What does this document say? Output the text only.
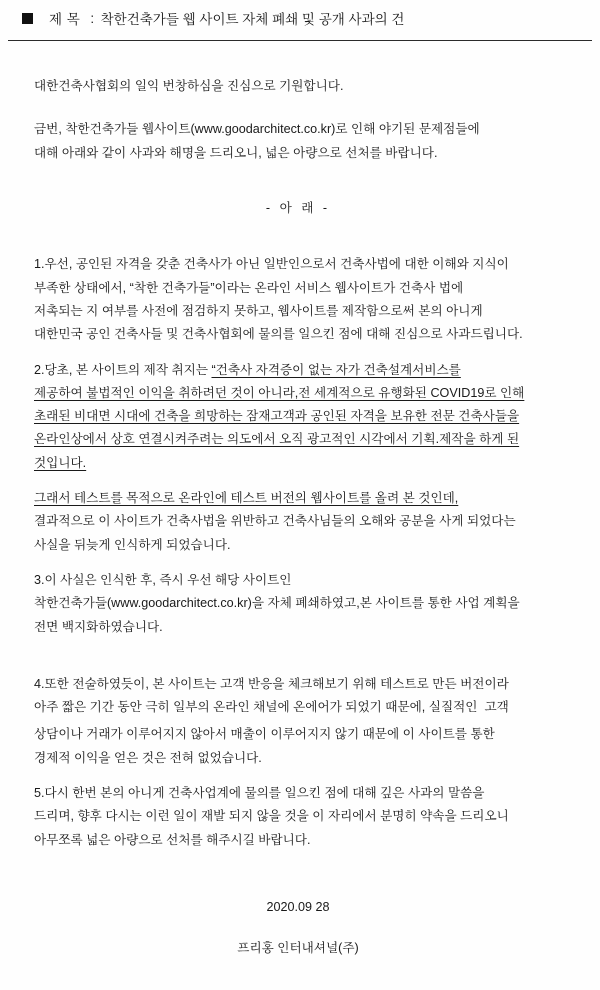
제 목 : 착한건축가들 웹 사이트 자체 폐쇄 및 공개 사과의 건

대한건축사협회의 일익 번창하심을 진심으로 기원합니다.

금번, 착한건축가들 웹사이트(www.goodarchitect.co.kr)로 인해 야기된 문제점들에

대해 아래와 같이 사과와 해명을 드리오니, 넓은 아량으로 선처를 바랍니다.

- 아 래 -

1.우선, 공인된 자격을 갖춘 건축사가 아닌 일반인으로서 건축사법에 대한 이해와 지식이

부족한 상태에서, “착한 건축가들”이라는 온라인 서비스 웹사이트가 건축사 법에

저촉되는 지 여부를 사전에 점검하지 못하고, 웹사이트를 제작함으로써 본의 아니게

대한민국 공인 건축사들 및 건축사협회에 물의를 일으킨 점에 대해 진심으로 사과드립니다.

2.당초, 본 사이트의 제작 취지는 “건축사 자격증이 없는 자가 건축설계서비스를

제공하여 불법적인 이익을 취하려던 것이 아니라,전 세계적으로 유행화된 COVID19로 인해

초래된 비대면 시대에 건축을 희망하는 잠재고객과 공인된 자격을 보유한 전문 건축사들을

온라인상에서 상호 연결시켜주려는 의도에서 오직 광고적인 시각에서 기획.제작을 하게 된

것입니다.

그래서 테스트를 목적으로 온라인에 테스트 버전의 웹사이트를 올려 본 것인데,

결과적으로 이 사이트가 건축사법을 위반하고 건축사님들의 오해와 공분을 사게 되었다는

사실을 뒤늦게 인식하게 되었습니다.

3.이 사실은 인식한 후, 즉시 우선 해당 사이트인

착한건축가들(www.goodarchitect.co.kr)을 자체 폐쇄하였고,본 사이트를 통한 사업 계획을

전면 백지화하였습니다.

4.또한 전술하였듯이, 본 사이트는 고객 반응을 체크해보기 위해 테스트로 만든 버전이라

아주 짧은 기간 동안 극히 일부의 온라인 채널에 온에어가 되었기 때문에, 실질적인  고객

상담이나 거래가 이루어지지 않아서 매출이 이루어지지 않기 때문에 이 사이트를 통한

경제적 이익을 얻은 것은 전혀 없었습니다.

5.다시 한번 본의 아니게 건축사업계에 물의를 일으킨 점에 대해 깊은 사과의 말씀을

드리며, 향후 다시는 이런 일이 재발 되지 않을 것을 이 자리에서 분명히 약속을 드리오니

아무쪼록 넓은 아량으로 선처를 해주시길 바랍니다.

2020.09 28

프리홍 인터내셔널(주)
